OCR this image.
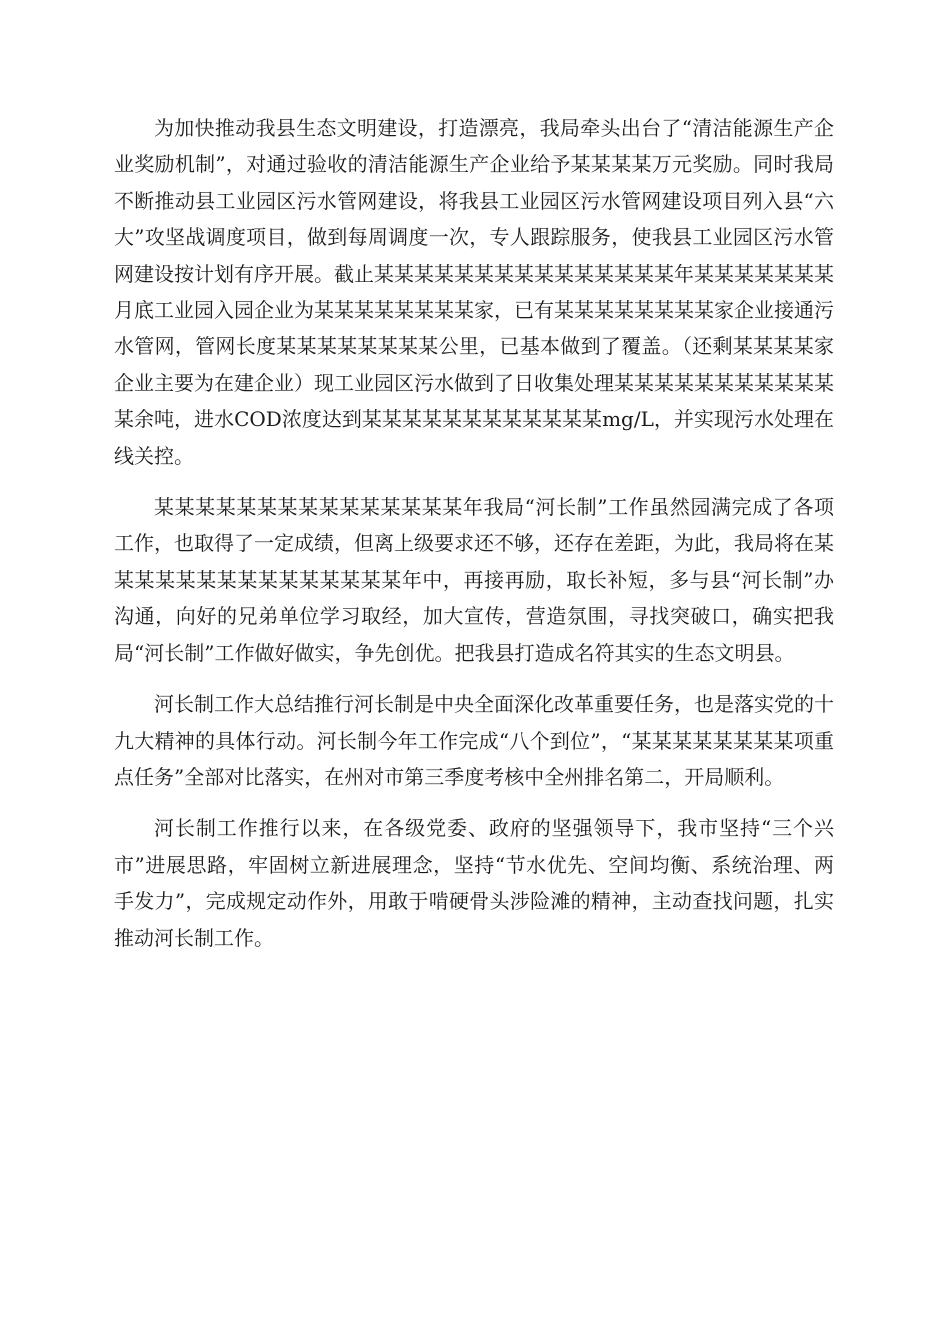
为加快推动我县生态文明建设，打造漂亮，我局牵头出台了“清洁能源生产企业奖励机制”，对通过验收的清洁能源生产企业给予某某某某万元奖励。同时我局不断推动县工业园区污水管网建设，将我县工业园区污水管网建设项目列入县“六大”攻坚战调度项目，做到每周调度一次，专人跟踪服务，使我县工业园区污水管网建设按计划有序开展。截止某某某某某某某某某某某某某某某年某某某某某某某月底工业园入园企业为某某某某某某某某家，已有某某某某某某某某家企业接通污水管网，管网长度某某某某某某某某公里，已基本做到了覆盖。（还剩某某某某家企业主要为在建企业）现工业园区污水做到了日收集处理某某某某某某某某某某某某余吨，进水COD浓度达到某某某某某某某某某某某某mg/L，并实现污水处理在线关控。

某某某某某某某某某某某某某某某年我局“河长制”工作虽然园满完成了各项工作，也取得了一定成绩，但离上级要求还不够，还存在差距，为此，我局将在某某某某某某某某某某某某某某某年中，再接再励，取长补短，多与县“河长制”办沟通，向好的兄弟单位学习取经，加大宣传，营造氛围，寻找突破口，确实把我局“河长制”工作做好做实，争先创优。把我县打造成名符其实的生态文明县。

河长制工作大总结推行河长制是中央全面深化改革重要任务，也是落实党的十九大精神的具体行动。河长制今年工作完成“八个到位”，“某某某某某某某某项重点任务”全部对比落实，在州对市第三季度考核中全州排名第二，开局顺利。

河长制工作推行以来，在各级党委、政府的坚强领导下，我市坚持“三个兴市”进展思路，牢固树立新进展理念，坚持“节水优先、空间均衡、系统治理、两手发力”，完成规定动作外，用敢于啃硬骨头涉险滩的精神，主动查找问题，扎实推动河长制工作。
